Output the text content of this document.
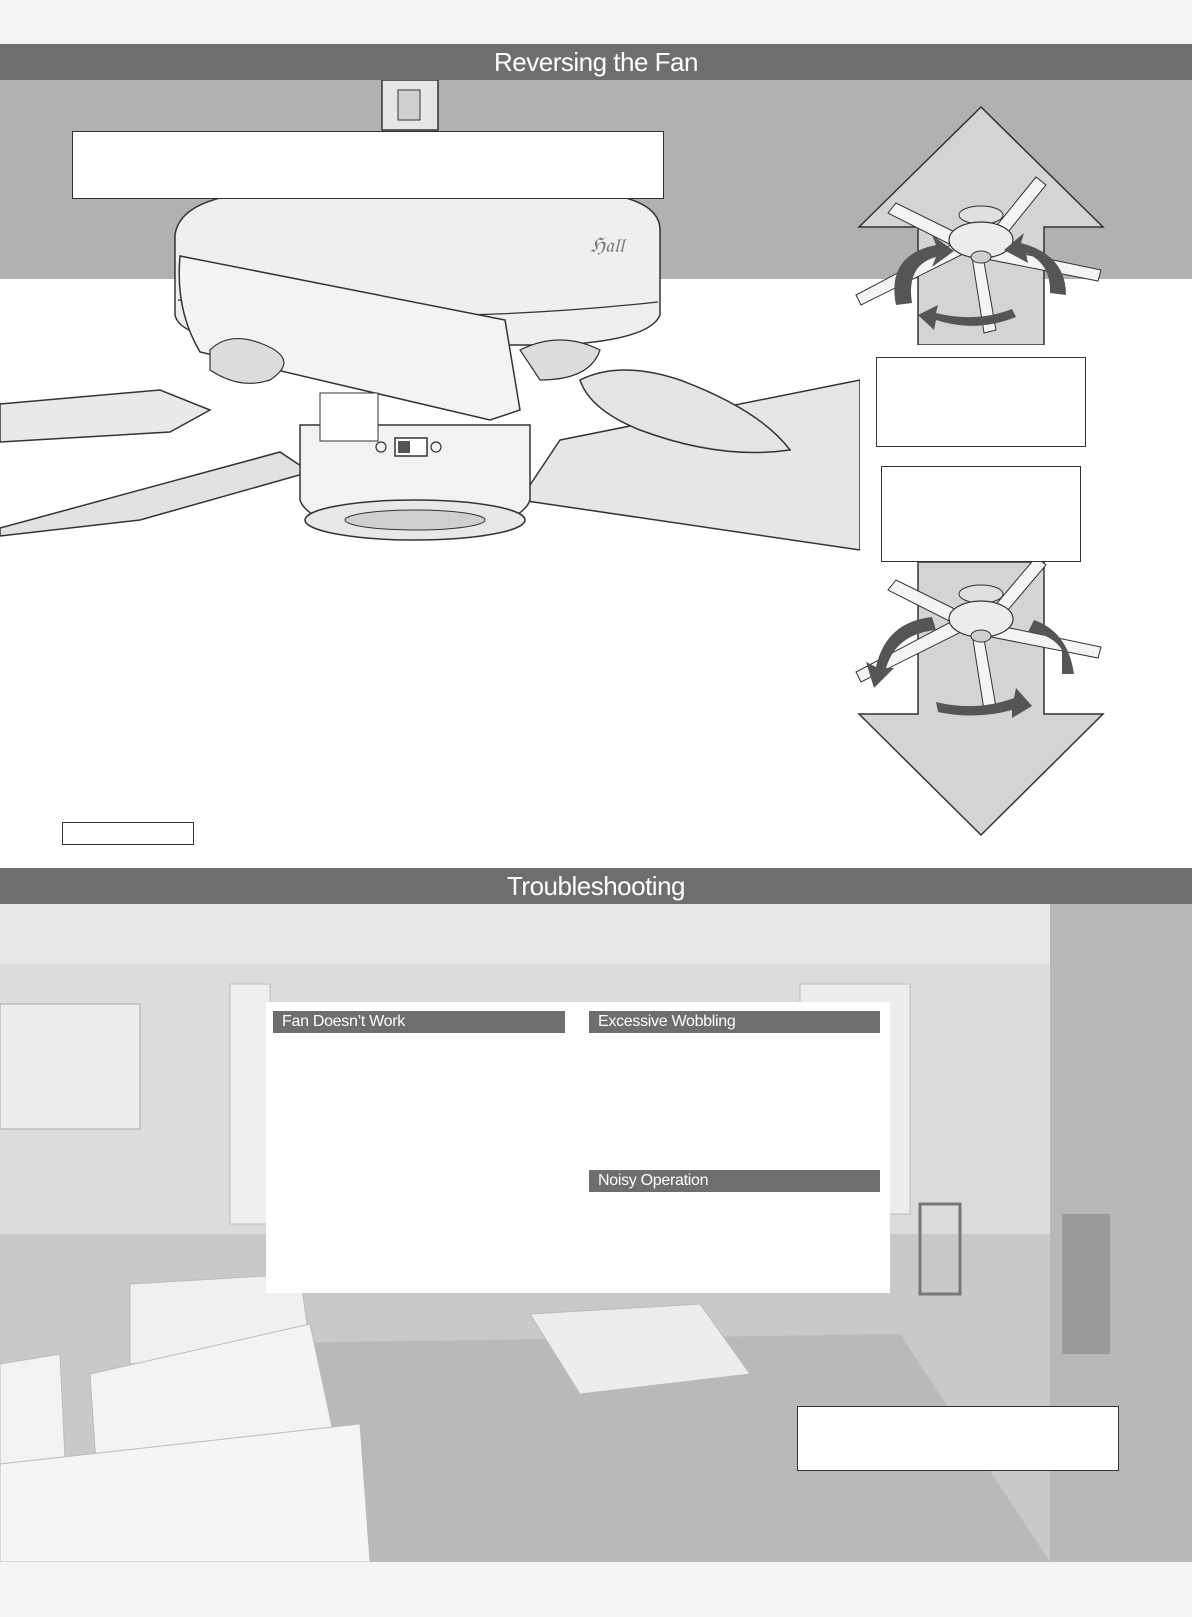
Reversing the Fan
ℌ𝔞𝔩𝔩
Troubleshooting
Fan Doesn’t Work	Excessive Wobbling
Noisy Operation
